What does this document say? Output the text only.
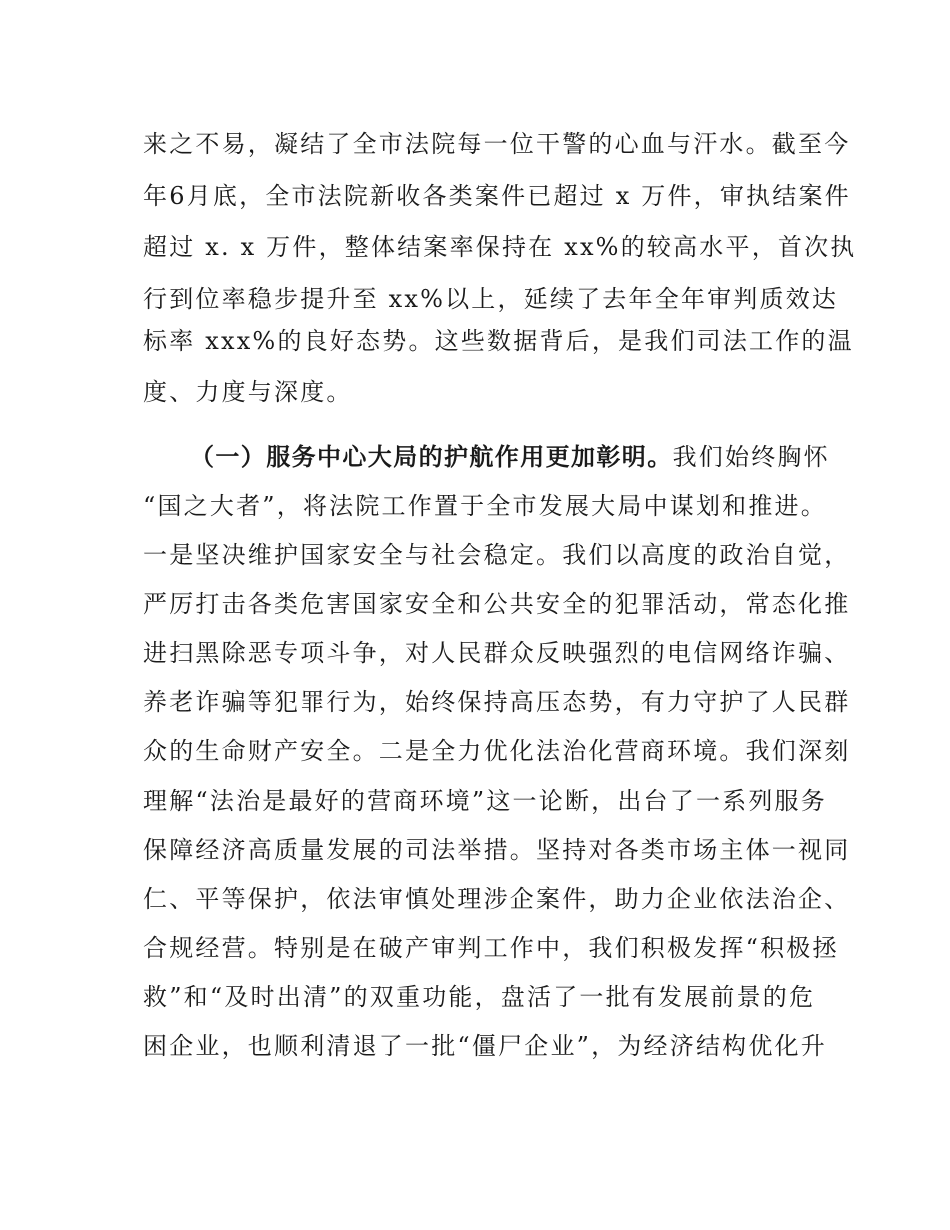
来之不易，凝结了全市法院每一位干警的心血与汗水。截至今
年6月底，全市法院新收各类案件已超过 x 万件，审执结案件
超过 x. x 万件，整体结案率保持在 xx%的较高水平，首次执
行到位率稳步提升至 xx%以上，延续了去年全年审判质效达
标率 xxx%的良好态势。这些数据背后，是我们司法工作的温
度、力度与深度。
（一）服务中心大局的护航作用更加彰明。我们始终胸怀
“国之大者”，将法院工作置于全市发展大局中谋划和推进。
一是坚决维护国家安全与社会稳定。我们以高度的政治自觉，
严厉打击各类危害国家安全和公共安全的犯罪活动，常态化推
进扫黑除恶专项斗争，对人民群众反映强烈的电信网络诈骗、
养老诈骗等犯罪行为，始终保持高压态势，有力守护了人民群
众的生命财产安全。二是全力优化法治化营商环境。我们深刻
理解“法治是最好的营商环境”这一论断，出台了一系列服务
保障经济高质量发展的司法举措。坚持对各类市场主体一视同
仁、平等保护，依法审慎处理涉企案件，助力企业依法治企、
合规经营。特别是在破产审判工作中，我们积极发挥“积极拯
救”和“及时出清”的双重功能，盘活了一批有发展前景的危
困企业，也顺利清退了一批“僵尸企业”，为经济结构优化升
